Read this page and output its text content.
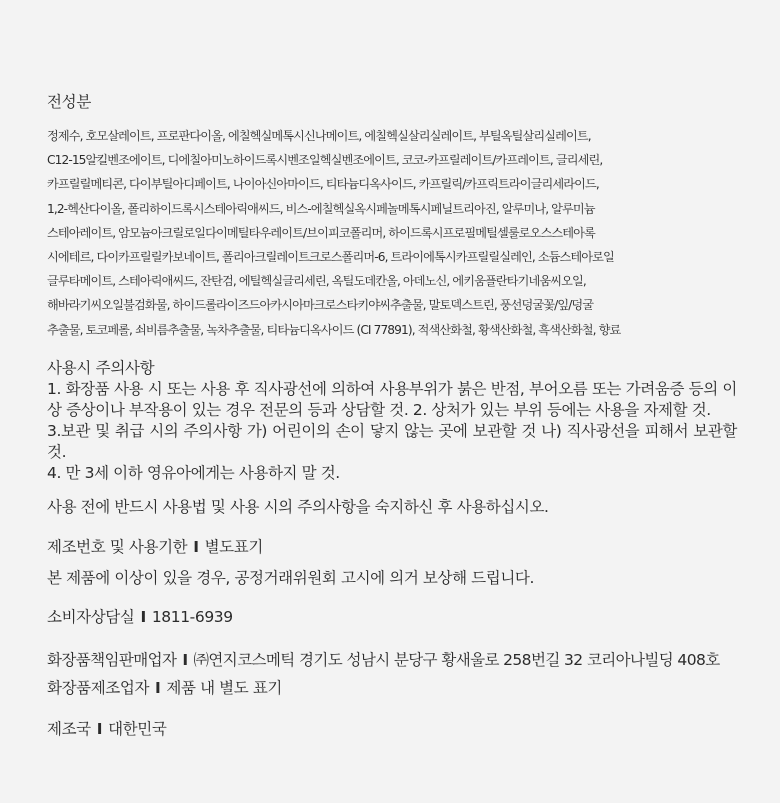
전성분
정제수, 호모살레이트, 프로판다이올, 에칠헥실메톡시신나메이트, 에칠헥실살리실레이트, 부틸옥틸살리실레이트,
C12-15알킬벤조에이트, 디에칠아미노하이드록시벤조일헥실벤조에이트, 코코-카프릴레이트/카프레이트, 글리세린,
카프릴릴메티콘, 다이부틸아디페이트, 나이아신아마이드, 티타늄디옥사이드, 카프릴릭/카프릭트라이글리세라이드,
1,2-헥산다이올, 폴리하이드록시스테아릭애씨드, 비스-에칠헥실옥시페놀메톡시페닐트리아진, 알루미나, 알루미늄
스테아레이트, 암모늄아크릴로일다이메틸타우레이트/브이피코폴리머, 하이드록시프로필메틸셀룰로오스스테아록
시에테르, 다이카프릴릴카보네이트, 폴리아크릴레이트크로스폴리머-6, 트라이에톡시카프릴릴실레인, 소듐스테아로일
글루타메이트, 스테아릭애씨드, 잔탄검, 에틸헥실글리세린, 옥틸도데칸올, 아데노신, 에키움플란타기네움씨오일,
해바라기씨오일불검화물, 하이드롤라이즈드아카시아마크로스타키야씨추출물, 말토덱스트린, 풍선덩굴꽃/잎/덩굴
추출물, 토코페롤, 쇠비름추출물, 녹차추출물, 티타늄디옥사이드 (CI 77891), 적색산화철, 황색산화철, 흑색산화철, 향료
사용시 주의사항

1. 화장품 사용 시 또는 사용 후 직사광선에 의하여 사용부위가 붉은 반점, 부어오름 또는 가려움증 등의 이상 증상이나 부작용이 있는 경우 전문의 등과 상담할 것. 2. 상처가 있는 부위 등에는 사용을 자제할 것.

3.보관 및 취급 시의 주의사항 가) 어린이의 손이 닿지 않는 곳에 보관할 것 나) 직사광선을 피해서 보관할 것.

4. 만 3세 이하 영유아에게는 사용하지 말 것.

사용 전에 반드시 사용법 및 사용 시의 주의사항을 숙지하신 후 사용하십시오.
제조번호 및 사용기한 I 별도표기
본 제품에 이상이 있을 경우, 공정거래위원회 고시에 의거 보상해 드립니다.
소비자상담실 I 1811-6939
화장품책임판매업자 I ㈜연지코스메틱 경기도 성남시 분당구 황새울로 258번길 32 코리아나빌딩 408호
화장품제조업자 I 제품 내 별도 표기
제조국 I 대한민국
